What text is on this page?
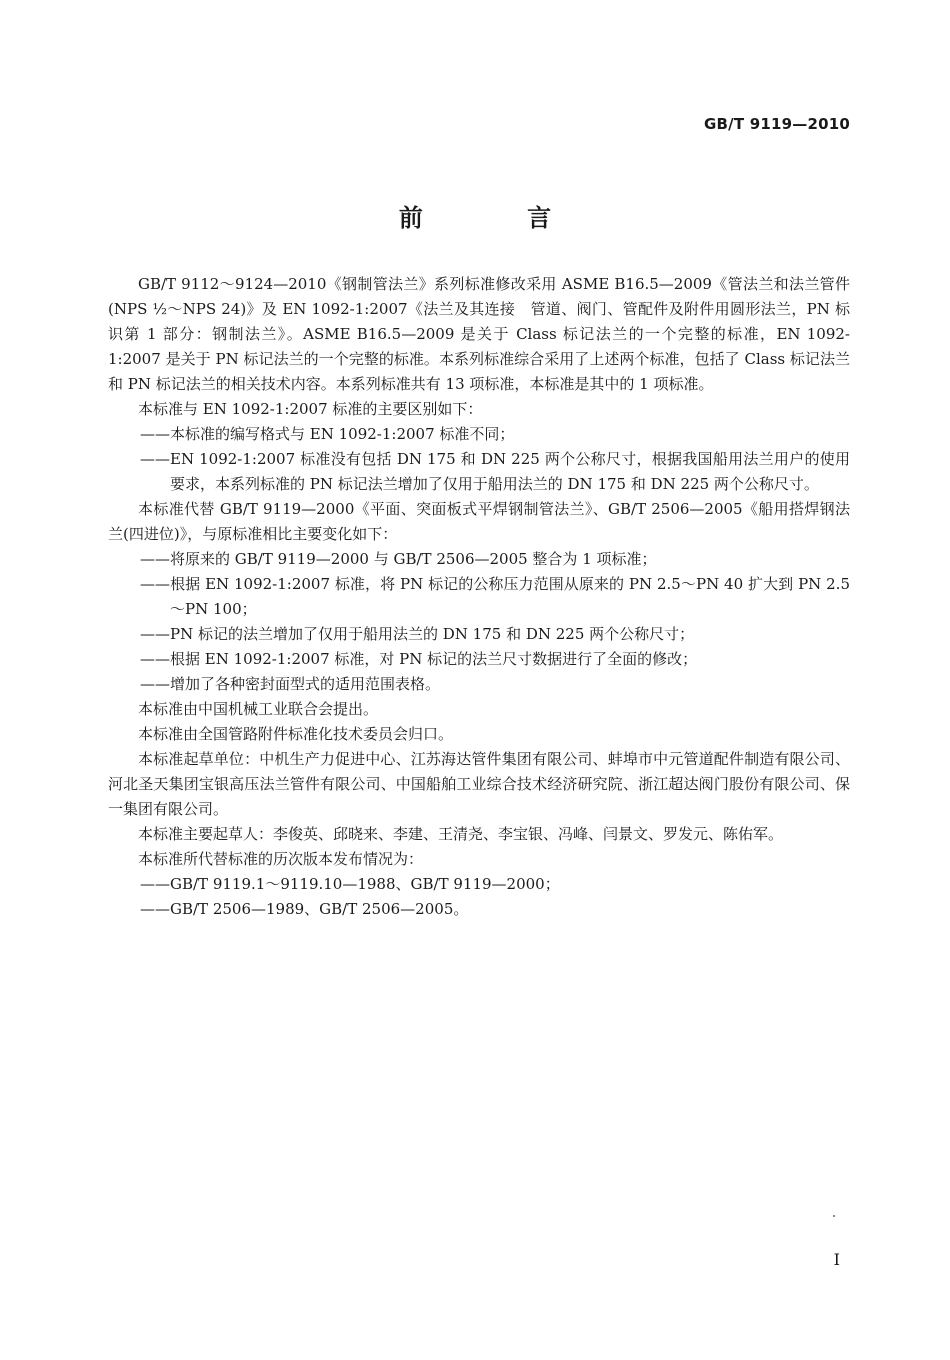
GB/T 9119—2010
前 言

GB/T 9112～9124—2010《钢制管法兰》系列标准修改采用 ASME B16.5—2009《管法兰和法兰管件(NPS ½～NPS 24)》及 EN 1092-1:2007《法兰及其连接　管道、阀门、管配件及附件用圆形法兰，PN 标识第 1 部分：钢制法兰》。ASME B16.5—2009 是关于 Class 标记法兰的一个完整的标准，EN 1092-1:2007 是关于 PN 标记法兰的一个完整的标准。本系列标准综合采用了上述两个标准，包括了 Class 标记法兰和 PN 标记法兰的相关技术内容。本系列标准共有 13 项标准，本标准是其中的 1 项标准。

本标准与 EN 1092-1:2007 标准的主要区别如下：

——本标准的编写格式与 EN 1092-1:2007 标准不同；

——EN 1092-1:2007 标准没有包括 DN 175 和 DN 225 两个公称尺寸，根据我国船用法兰用户的使用要求，本系列标准的 PN 标记法兰增加了仅用于船用法兰的 DN 175 和 DN 225 两个公称尺寸。

本标准代替 GB/T 9119—2000《平面、突面板式平焊钢制管法兰》、GB/T 2506—2005《船用搭焊钢法兰(四进位)》，与原标准相比主要变化如下：

——将原来的 GB/T 9119—2000 与 GB/T 2506—2005 整合为 1 项标准；

——根据 EN 1092-1:2007 标准，将 PN 标记的公称压力范围从原来的 PN 2.5～PN 40 扩大到 PN 2.5～PN 100；

——PN 标记的法兰增加了仅用于船用法兰的 DN 175 和 DN 225 两个公称尺寸；

——根据 EN 1092-1:2007 标准，对 PN 标记的法兰尺寸数据进行了全面的修改；

——增加了各种密封面型式的适用范围表格。

本标准由中国机械工业联合会提出。

本标准由全国管路附件标准化技术委员会归口。

本标准起草单位：中机生产力促进中心、江苏海达管件集团有限公司、蚌埠市中元管道配件制造有限公司、河北圣天集团宝银高压法兰管件有限公司、中国船舶工业综合技术经济研究院、浙江超达阀门股份有限公司、保一集团有限公司。

本标准主要起草人：李俊英、邱晓来、李建、王清尧、李宝银、冯峰、闫景文、罗发元、陈佑军。

本标准所代替标准的历次版本发布情况为：

——GB/T 9119.1～9119.10—1988、GB/T 9119—2000；

——GB/T 2506—1989、GB/T 2506—2005。

I
